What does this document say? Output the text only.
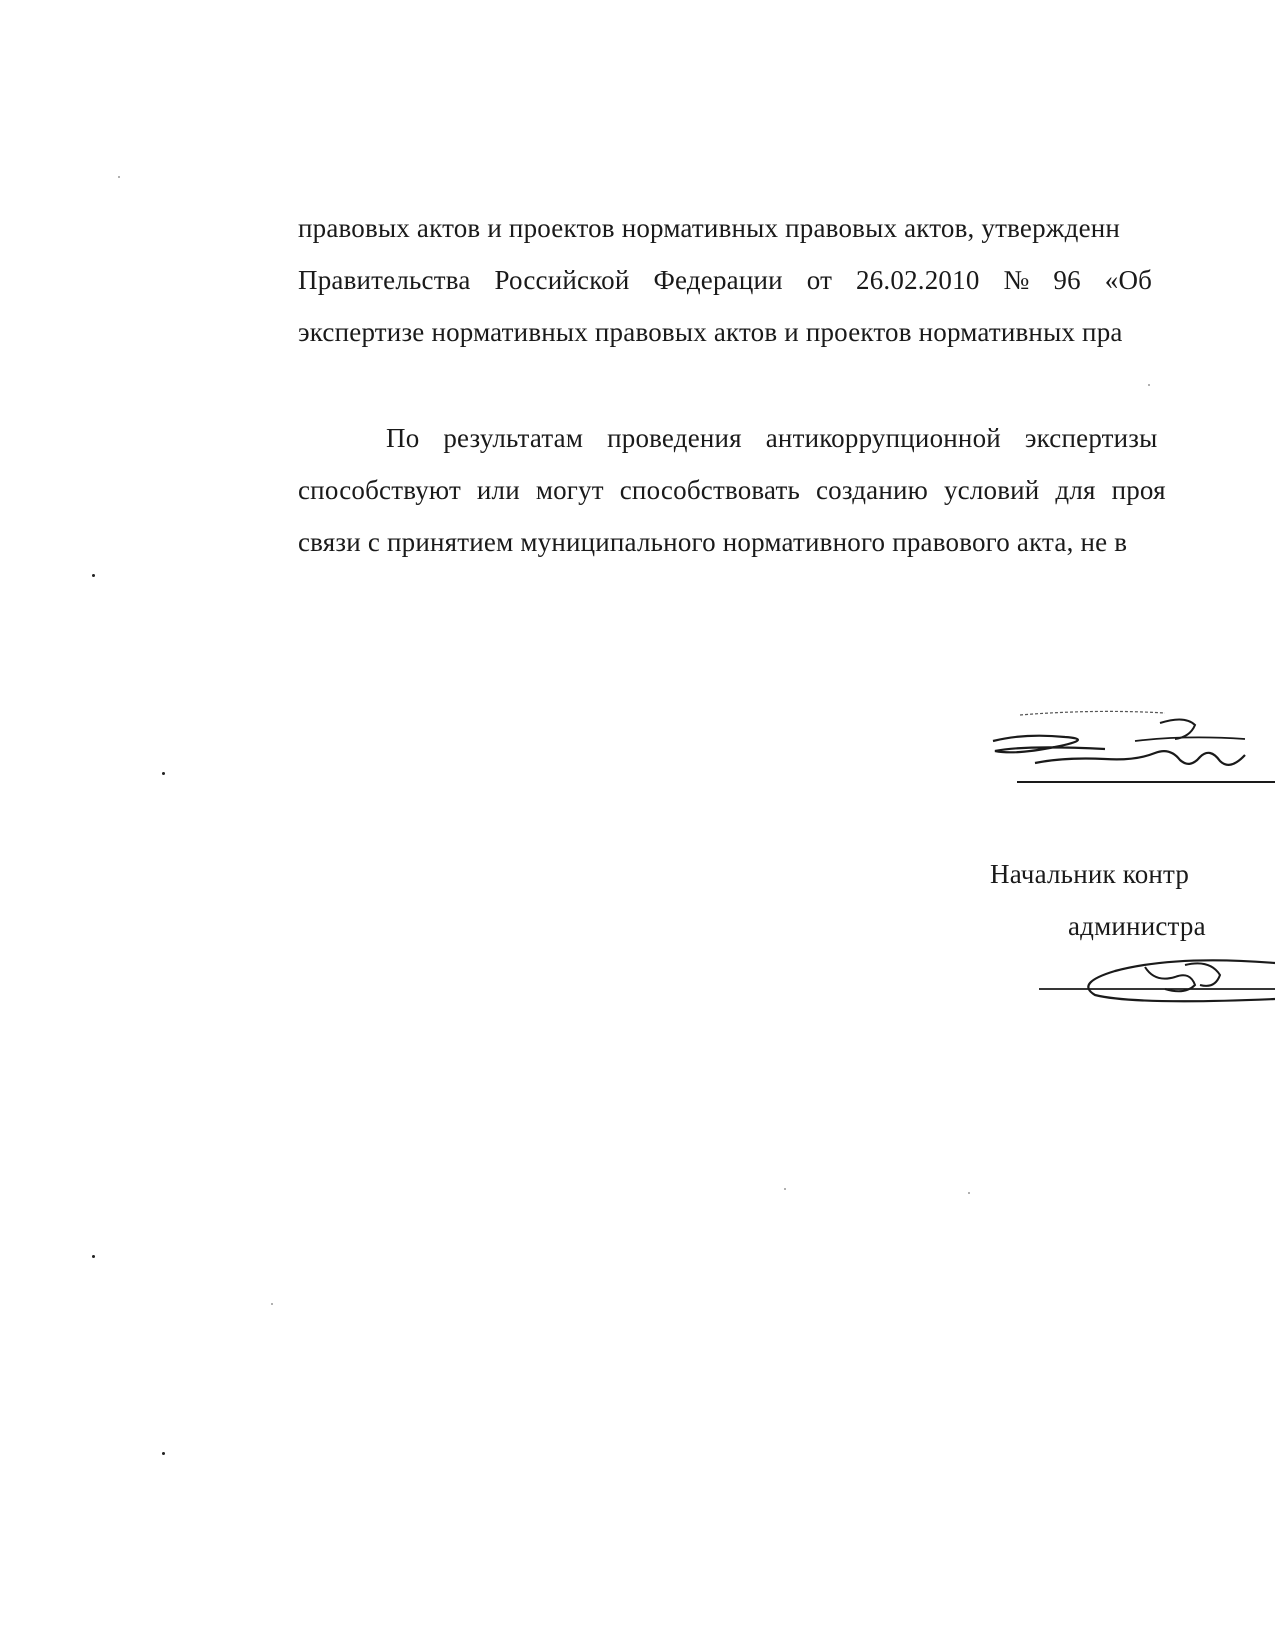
правовых актов и проектов нормативных правовых актов, утвержденн
Правительства Российской Федерации от 26.02.2010 № 96 «Об
экспертизе нормативных правовых актов и проектов нормативных пра
По результатам проведения антикоррупционной экспертизы
способствуют или могут способствовать созданию условий для проя
связи с принятием муниципального нормативного правового акта, не в
Начальник контр
администра
